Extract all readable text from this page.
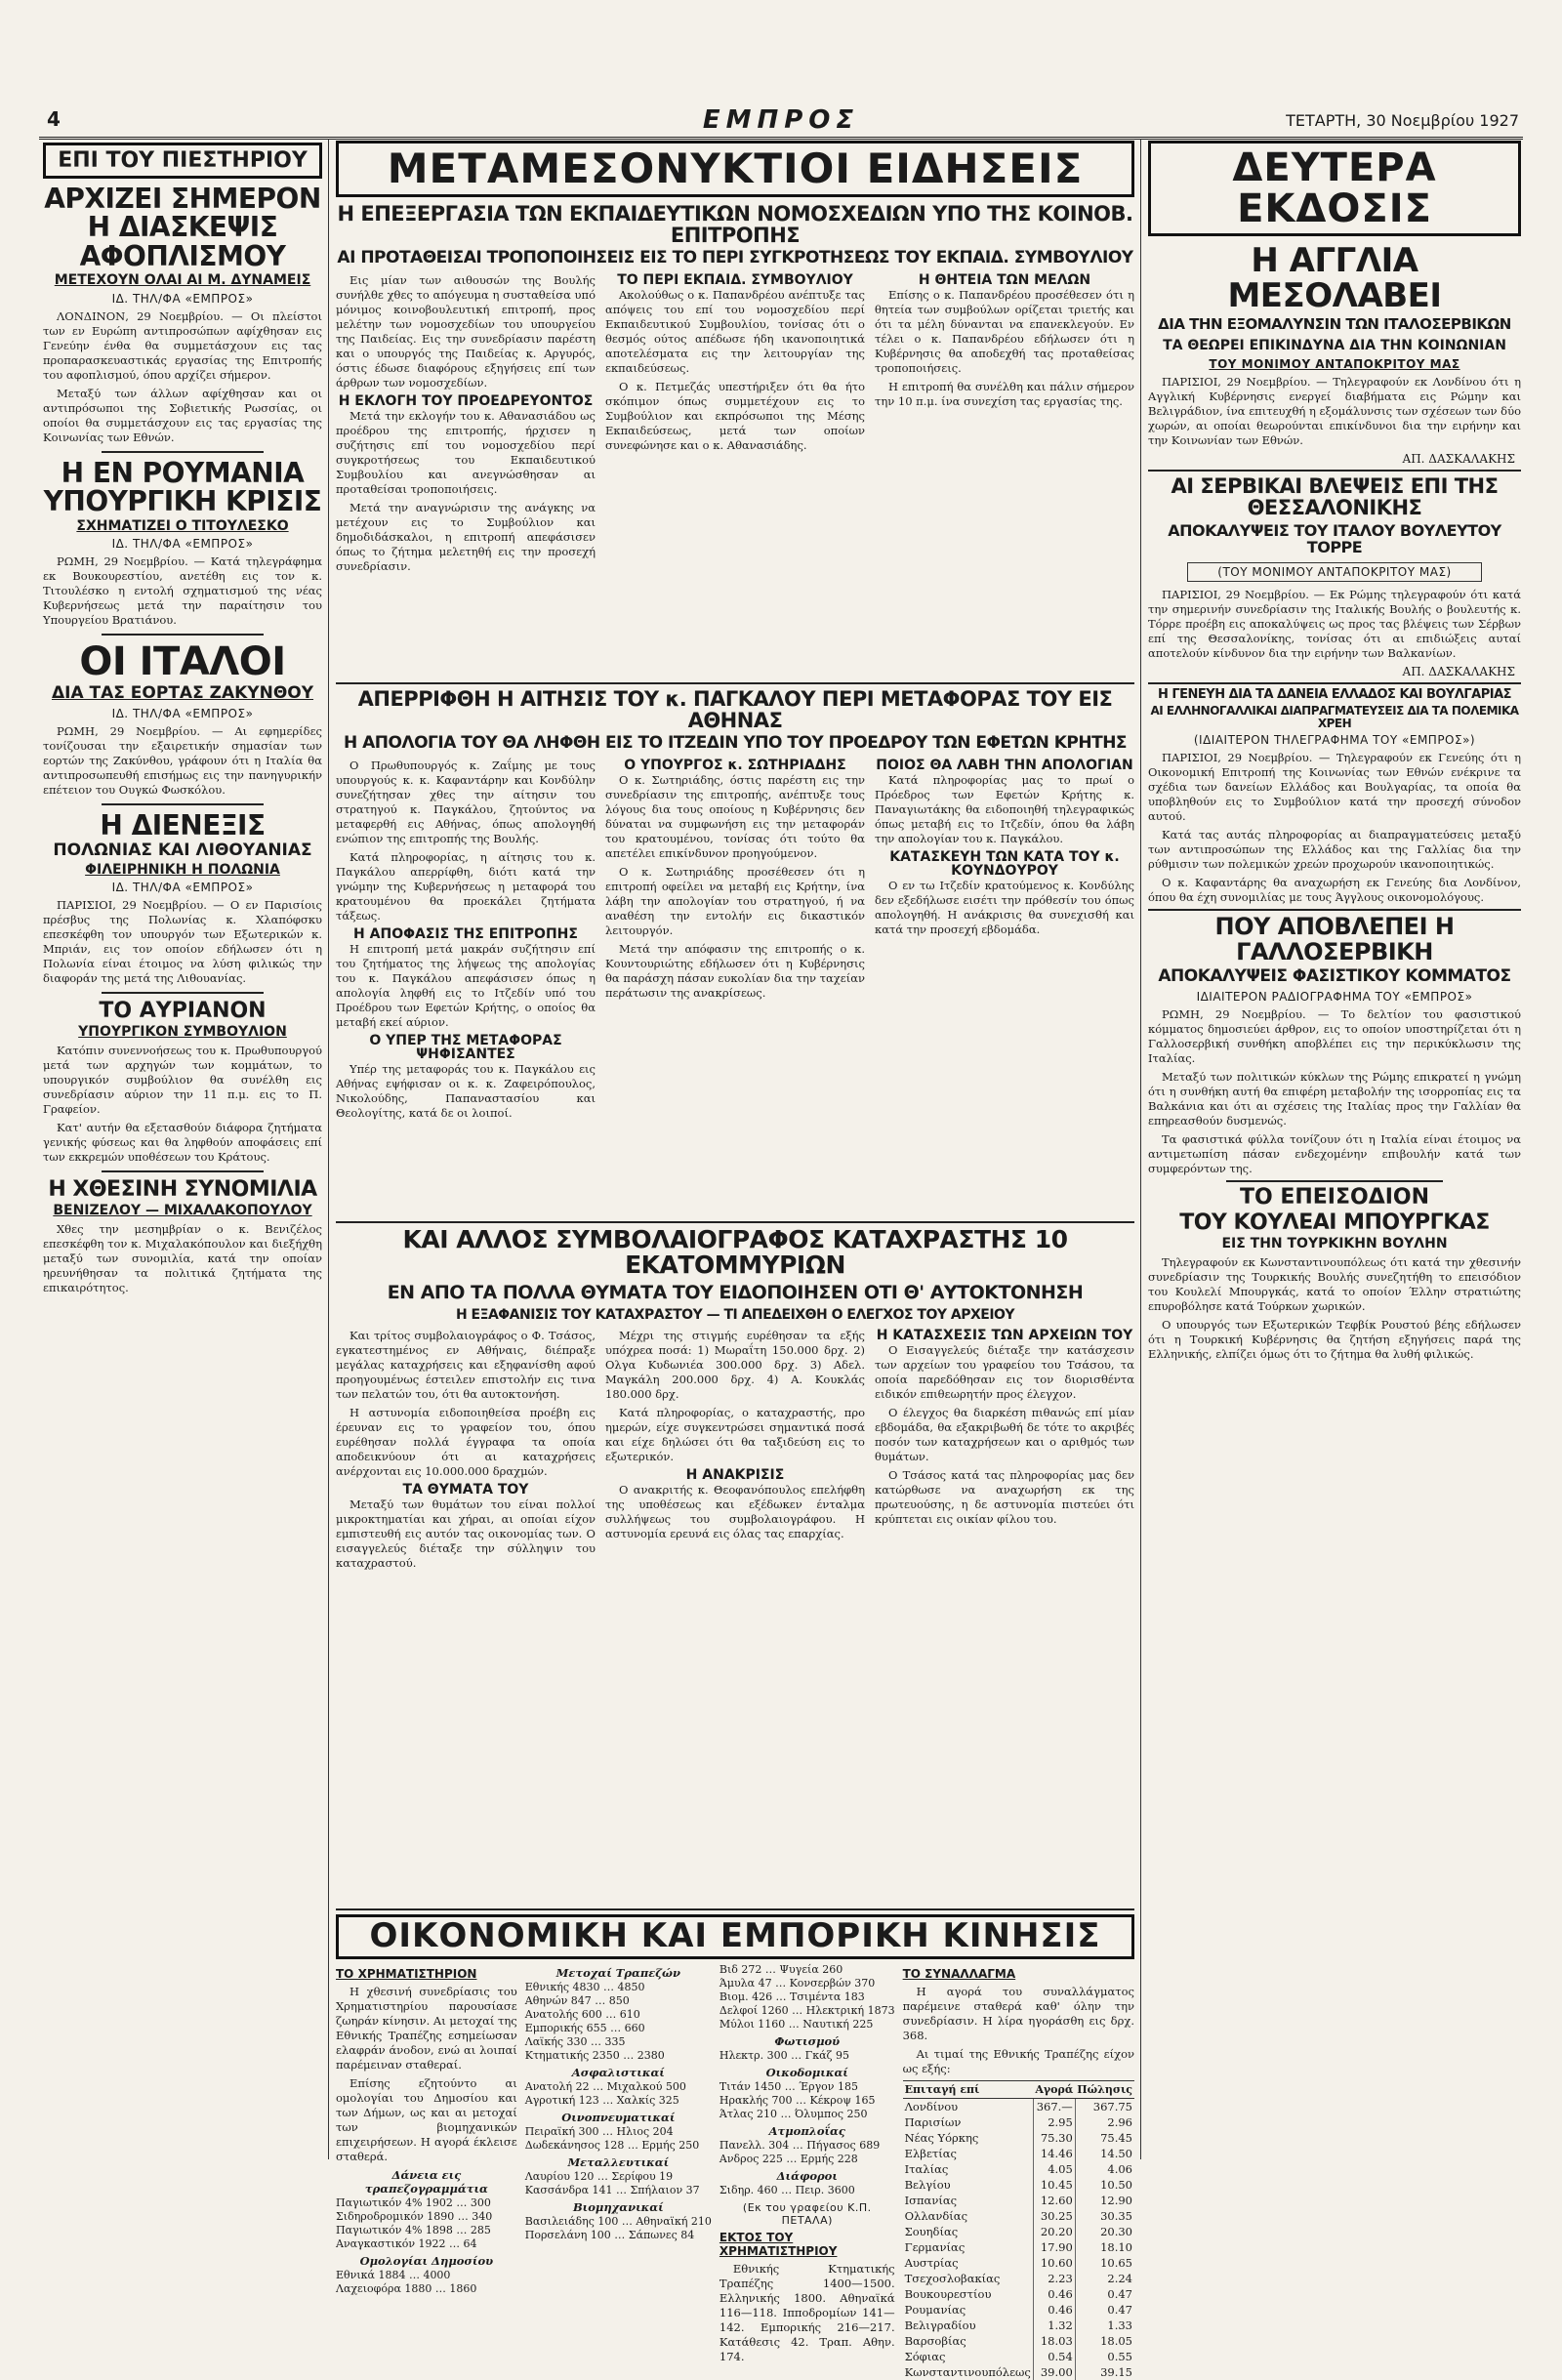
4	ΕΜΠΡΟΣ	ΤΕΤΑΡΤΗ, 30 Νοεμβρίου 1927
ΕΠΙ ΤΟΥ ΠΙΕΣΤΗΡΙΟΥ
ΑΡΧΙΖΕΙ ΣΗΜΕΡΟΝ Η ΔΙΑΣΚΕΨΙΣ ΑΦΟΠΛΙΣΜΟΥ
ΜΕΤΕΧΟΥΝ ΟΛΑΙ ΑΙ Μ. ΔΥΝΑΜΕΙΣ
ΙΔ. ΤΗΛ/ΦΑ «ΕΜΠΡΟΣ»

ΛΟΝΔΙΝΟΝ, 29 Νοεμβρίου. — Οι πλείστοι των εν Ευρώπη αντιπροσώπων αφίχθησαν εις Γενεύην ένθα θα συμμετάσχουν εις τας προπαρασκευαστικάς εργασίας της Επιτροπής του αφοπλισμού, όπου αρχίζει σήμερον.

Μεταξύ των άλλων αφίχθησαν και οι αντιπρόσωποι της Σοβιετικής Ρωσσίας, οι οποίοι θα συμμετάσχουν εις τας εργασίας της Κοινωνίας των Εθνών.

Η ΕΝ ΡΟΥΜΑΝΙΑ ΥΠΟΥΡΓΙΚΗ ΚΡΙΣΙΣ
ΣΧΗΜΑΤΙΖΕΙ Ο ΤΙΤΟΥΛΕΣΚΟ
ΙΔ. ΤΗΛ/ΦΑ «ΕΜΠΡΟΣ»

ΡΩΜΗ, 29 Νοεμβρίου. — Κατά τηλεγράφημα εκ Βουκουρεστίου, ανετέθη εις τον κ. Τιτουλέσκο η εντολή σχηματισμού της νέας Κυβερνήσεως μετά την παραίτησιν του Υπουργείου Βρατιάνου.

ΟΙ ΙΤΑΛΟΙ
ΔΙΑ ΤΑΣ ΕΟΡΤΑΣ ΖΑΚΥΝΘΟΥ
ΙΔ. ΤΗΛ/ΦΑ «ΕΜΠΡΟΣ»

ΡΩΜΗ, 29 Νοεμβρίου. — Αι εφημερίδες τονίζουσαι την εξαιρετικήν σημασίαν των εορτών της Ζακύνθου, γράφουν ότι η Ιταλία θα αντιπροσωπευθή επισήμως εις την πανηγυρικήν επέτειον του Ουγκώ Φωσκόλου.

Η ΔΙΕΝΕΞΙΣ
ΠΟΛΩΝΙΑΣ ΚΑΙ ΛΙΘΟΥΑΝΙΑΣ
ΦΙΛΕΙΡΗΝΙΚΗ Η ΠΟΛΩΝΙΑ
ΙΔ. ΤΗΛ/ΦΑ «ΕΜΠΡΟΣ»

ΠΑΡΙΣΙΟΙ, 29 Νοεμβρίου. — Ο εν Παρισίοις πρέσβυς της Πολωνίας κ. Χλαπόφσκυ επεσκέφθη τον υπουργόν των Εξωτερικών κ. Μπριάν, εις τον οποίον εδήλωσεν ότι η Πολωνία είναι έτοιμος να λύση φιλικώς την διαφοράν της μετά της Λιθουανίας.

ΤΟ ΑΥΡΙΑΝΟΝ
ΥΠΟΥΡΓΙΚΟΝ ΣΥΜΒΟΥΛΙΟΝ

Κατόπιν συνεννοήσεως του κ. Πρωθυπουργού μετά των αρχηγών των κομμάτων, το υπουργικόν συμβούλιον θα συνέλθη εις συνεδρίασιν αύριον την 11 π.μ. εις το Π. Γραφείον.

Κατ' αυτήν θα εξετασθούν διάφορα ζητήματα γενικής φύσεως και θα ληφθούν αποφάσεις επί των εκκρεμών υποθέσεων του Κράτους.

Η ΧΘΕΣΙΝΗ ΣΥΝΟΜΙΛΙΑ
ΒΕΝΙΖΕΛΟΥ — ΜΙΧΑΛΑΚΟΠΟΥΛΟΥ

Χθες την μεσημβρίαν ο κ. Βενιζέλος επεσκέφθη τον κ. Μιχαλακόπουλον και διεξήχθη μεταξύ των συνομιλία, κατά την οποίαν ηρευνήθησαν τα πολιτικά ζητήματα της επικαιρότητος.

ΜΕΤΑΜΕΣΟΝΥΚΤΙΟΙ ΕΙΔΗΣΕΙΣ
Η ΕΠΕΞΕΡΓΑΣΙΑ ΤΩΝ ΕΚΠΑΙΔΕΥΤΙΚΩΝ ΝΟΜΟΣΧΕΔΙΩΝ ΥΠΟ ΤΗΣ ΚΟΙΝΟΒ. ΕΠΙΤΡΟΠΗΣ
ΑΙ ΠΡΟΤΑΘΕΙΣΑΙ ΤΡΟΠΟΠΟΙΗΣΕΙΣ ΕΙΣ ΤΟ ΠΕΡΙ ΣΥΓΚΡΟΤΗΣΕΩΣ ΤΟΥ ΕΚΠΑΙΔ. ΣΥΜΒΟΥΛΙΟΥ

Εις μίαν των αιθουσών της Βουλής συνήλθε χθες το απόγευμα η συσταθείσα υπό μόνιμος κοινοβουλευτική επιτροπή, προς μελέτην των νομοσχεδίων του υπουργείου της Παιδείας. Εις την συνεδρίασιν παρέστη και ο υπουργός της Παιδείας κ. Αργυρός, όστις έδωσε διαφόρους εξηγήσεις επί των άρθρων των νομοσχεδίων.

Η ΕΚΛΟΓΗ ΤΟΥ ΠΡΟΕΔΡΕΥΟΝΤΟΣ

Μετά την εκλογήν του κ. Αθανασιάδου ως προέδρου της επιτροπής, ήρχισεν η συζήτησις επί του νομοσχεδίου περί συγκροτήσεως του Εκπαιδευτικού Συμβουλίου και ανεγνώσθησαν αι προταθείσαι τροποποιήσεις.

Μετά την αναγνώρισιν της ανάγκης να μετέχουν εις το Συμβούλιον και δημοδιδάσκαλοι, η επιτροπή απεφάσισεν όπως το ζήτημα μελετηθή εις την προσεχή συνεδρίασιν.

ΤΟ ΠΕΡΙ ΕΚΠΑΙΔ. ΣΥΜΒΟΥΛΙΟΥ

Ακολούθως ο κ. Παπανδρέου ανέπτυξε τας απόψεις του επί του νομοσχεδίου περί Εκπαιδευτικού Συμβουλίου, τονίσας ότι ο θεσμός ούτος απέδωσε ήδη ικανοποιητικά αποτελέσματα εις την λειτουργίαν της εκπαιδεύσεως.

Ο κ. Πετμεζάς υπεστήριξεν ότι θα ήτο σκόπιμον όπως συμμετέχουν εις το Συμβούλιον και εκπρόσωποι της Μέσης Εκπαιδεύσεως, μετά των οποίων συνεφώνησε και ο κ. Αθανασιάδης.

Η ΘΗΤΕΙΑ ΤΩΝ ΜΕΛΩΝ

Επίσης ο κ. Παπανδρέου προσέθεσεν ότι η θητεία των συμβούλων ορίζεται τριετής και ότι τα μέλη δύνανται να επανεκλεγούν. Εν τέλει ο κ. Παπανδρέου εδήλωσεν ότι η Κυβέρνησις θα αποδεχθή τας προταθείσας τροποποιήσεις.

Η επιτροπή θα συνέλθη και πάλιν σήμερον την 10 π.μ. ίνα συνεχίση τας εργασίας της.

ΑΠΕΡΡΙΦΘΗ Η ΑΙΤΗΣΙΣ ΤΟΥ κ. ΠΑΓΚΑΛΟΥ ΠΕΡΙ ΜΕΤΑΦΟΡΑΣ ΤΟΥ ΕΙΣ ΑΘΗΝΑΣ
Η ΑΠΟΛΟΓΙΑ ΤΟΥ ΘΑ ΛΗΦΘΗ ΕΙΣ ΤΟ ΙΤΖΕΔΙΝ ΥΠΟ ΤΟΥ ΠΡΟΕΔΡΟΥ ΤΩΝ ΕΦΕΤΩΝ ΚΡΗΤΗΣ

Ο Πρωθυπουργός κ. Ζαΐμης με τους υπουργούς κ. κ. Καφαντάρην και Κονδύλην συνεζήτησαν χθες την αίτησιν του στρατηγού κ. Παγκάλου, ζητούντος να μεταφερθή εις Αθήνας, όπως απολογηθή ενώπιον της επιτροπής της Βουλής.

Κατά πληροφορίας, η αίτησις του κ. Παγκάλου απερρίφθη, διότι κατά την γνώμην της Κυβερνήσεως η μεταφορά του κρατουμένου θα προεκάλει ζητήματα τάξεως.

Η ΑΠΟΦΑΣΙΣ ΤΗΣ ΕΠΙΤΡΟΠΗΣ

Η επιτροπή μετά μακράν συζήτησιν επί του ζητήματος της λήψεως της απολογίας του κ. Παγκάλου απεφάσισεν όπως η απολογία ληφθή εις το Ιτζεδίν υπό του Προέδρου των Εφετών Κρήτης, ο οποίος θα μεταβή εκεί αύριον.

Ο ΥΠΕΡ ΤΗΣ ΜΕΤΑΦΟΡΑΣ ΨΗΦΙΣΑΝΤΕΣ

Υπέρ της μεταφοράς του κ. Παγκάλου εις Αθήνας εψήφισαν οι κ. κ. Ζαφειρόπουλος, Νικολούδης, Παπαναστασίου και Θεολογίτης, κατά δε οι λοιποί.

Ο ΥΠΟΥΡΓΟΣ κ. ΣΩΤΗΡΙΑΔΗΣ

Ο κ. Σωτηριάδης, όστις παρέστη εις την συνεδρίασιν της επιτροπής, ανέπτυξε τους λόγους δια τους οποίους η Κυβέρνησις δεν δύναται να συμφωνήση εις την μεταφοράν του κρατουμένου, τονίσας ότι τούτο θα απετέλει επικίνδυνον προηγούμενον.

Ο κ. Σωτηριάδης προσέθεσεν ότι η επιτροπή οφείλει να μεταβή εις Κρήτην, ίνα λάβη την απολογίαν του στρατηγού, ή να αναθέση την εντολήν εις δικαστικόν λειτουργόν.

Μετά την απόφασιν της επιτροπής ο κ. Κουντουριώτης εδήλωσεν ότι η Κυβέρνησις θα παράσχη πάσαν ευκολίαν δια την ταχείαν περάτωσιν της ανακρίσεως.

ΠΟΙΟΣ ΘΑ ΛΑΒΗ ΤΗΝ ΑΠΟΛΟΓΙΑΝ

Κατά πληροφορίας μας το πρωί ο Πρόεδρος των Εφετών Κρήτης κ. Παναγιωτάκης θα ειδοποιηθή τηλεγραφικώς όπως μεταβή εις το Ιτζεδίν, όπου θα λάβη την απολογίαν του κ. Παγκάλου.

ΚΑΤΑΣΚΕΥΗ ΤΩΝ ΚΑΤΑ ΤΟΥ κ. ΚΟΥΝΔΟΥΡΟΥ

Ο εν τω Ιτζεδίν κρατούμενος κ. Κονδύλης δεν εξεδήλωσε εισέτι την πρόθεσίν του όπως απολογηθή. Η ανάκρισις θα συνεχισθή και κατά την προσεχή εβδομάδα.

ΚΑΙ ΑΛΛΟΣ ΣΥΜΒΟΛΑΙΟΓΡΑΦΟΣ ΚΑΤΑΧΡΑΣΤΗΣ 10 ΕΚΑΤΟΜΜΥΡΙΩΝ
ΕΝ ΑΠΟ ΤΑ ΠΟΛΛΑ ΘΥΜΑΤΑ ΤΟΥ ΕΙΔΟΠΟΙΗΣΕΝ ΟΤΙ Θ' ΑΥΤΟΚΤΟΝΗΣΗ
Η ΕΞΑΦΑΝΙΣΙΣ ΤΟΥ ΚΑΤΑΧΡΑΣΤΟΥ — ΤΙ ΑΠΕΔΕΙΧΘΗ Ο ΕΛΕΓΧΟΣ ΤΟΥ ΑΡΧΕΙΟΥ

Και τρίτος συμβολαιογράφος ο Φ. Τσάσος, εγκατεστημένος εν Αθήναις, διέπραξε μεγάλας καταχρήσεις και εξηφανίσθη αφού προηγουμένως έστειλεν επιστολήν εις τινα των πελατών του, ότι θα αυτοκτονήση.

Η αστυνομία ειδοποιηθείσα προέβη εις έρευναν εις το γραφείον του, όπου ευρέθησαν πολλά έγγραφα τα οποία αποδεικνύουν ότι αι καταχρήσεις ανέρχονται εις 10.000.000 δραχμών.

ΤΑ ΘΥΜΑΤΑ ΤΟΥ

Μεταξύ των θυμάτων του είναι πολλοί μικροκτηματίαι και χήραι, αι οποίαι είχον εμπιστευθή εις αυτόν τας οικονομίας των. Ο εισαγγελεύς διέταξε την σύλληψιν του καταχραστού.

Μέχρι της στιγμής ευρέθησαν τα εξής υπόχρεα ποσά: 1) Μωραΐτη 150.000 δρχ. 2) Ολγα Κυδωνιέα 300.000 δρχ. 3) Αδελ. Μαγκάλη 200.000 δρχ. 4) Α. Κουκλάς 180.000 δρχ.

Κατά πληροφορίας, ο καταχραστής, προ ημερών, είχε συγκεντρώσει σημαντικά ποσά και είχε δηλώσει ότι θα ταξιδεύση εις το εξωτερικόν.

Η ΑΝΑΚΡΙΣΙΣ

Ο ανακριτής κ. Θεοφανόπουλος επελήφθη της υποθέσεως και εξέδωκεν ένταλμα συλλήψεως του συμβολαιογράφου. Η αστυνομία ερευνά εις όλας τας επαρχίας.

Η ΚΑΤΑΣΧΕΣΙΣ ΤΩΝ ΑΡΧΕΙΩΝ ΤΟΥ

Ο Εισαγγελεύς διέταξε την κατάσχεσιν των αρχείων του γραφείου του Τσάσου, τα οποία παρεδόθησαν εις τον διορισθέντα ειδικόν επιθεωρητήν προς έλεγχον.

Ο έλεγχος θα διαρκέση πιθανώς επί μίαν εβδομάδα, θα εξακριβωθή δε τότε το ακριβές ποσόν των καταχρήσεων και ο αριθμός των θυμάτων.

Ο Τσάσος κατά τας πληροφορίας μας δεν κατώρθωσε να αναχωρήση εκ της πρωτευούσης, η δε αστυνομία πιστεύει ότι κρύπτεται εις οικίαν φίλου του.

ΟΙΚΟΝΟΜΙΚΗ ΚΑΙ ΕΜΠΟΡΙΚΗ ΚΙΝΗΣΙΣ
ΤΟ ΧΡΗΜΑΤΙΣΤΗΡΙΟΝ

Η χθεσινή συνεδρίασις του Χρηματιστηρίου παρουσίασε ζωηράν κίνησιν. Αι μετοχαί της Εθνικής Τραπέζης εσημείωσαν ελαφράν άνοδον, ενώ αι λοιπαί παρέμειναν σταθεραί.

Επίσης εζητούντο αι ομολογίαι του Δημοσίου και των Δήμων, ως και αι μετοχαί των βιομηχανικών επιχειρήσεων. Η αγορά έκλεισε σταθερά.

Δάνεια εις τραπεζογραμμάτια

Παγιωτικόν 4% 1902 … 300

Σιδηροδρομικόν 1890 … 340

Παγιωτικόν 4% 1898 … 285

Αναγκαστικόν 1922 … 64

Ομολογίαι Δημοσίου

Εθνικά 1884 … 4000

Λαχειοφόρα 1880 … 1860

Μετοχαί Τραπεζών

Εθνικής 4830 … 4850

Αθηνών 847 … 850

Ανατολής 600 … 610

Εμπορικής 655 … 660

Λαϊκής 330 … 335

Κτηματικής 2350 … 2380

Ασφαλιστικαί

Ανατολή 22 … Μιχαλκού 500

Αγροτική 123 … Χαλκίς 325

Οινοπνευματικαί

Πειραϊκή 300 … Ηλιος 204

Δωδεκάνησος 128 … Ερμής 250

Μεταλλευτικαί

Λαυρίου 120 … Σερίφου 19

Κασσάνδρα 141 … Σπήλαιον 37

Βιομηχανικαί

Βασιλειάδης 100 … Αθηναϊκή 210

Πορσελάνη 100 … Σάπωνες 84

Βιδ 272 … Ψυγεία 260

Άμυλα 47 … Κονσερβών 370

Βιομ. 426 … Τσιμέντα 183

Δελφοί 1260 … Ηλεκτρική 1873

Μύλοι 1160 … Ναυτική 225

Φωτισμού

Ηλεκτρ. 300 … Γκάζ 95

Οικοδομικαί

Τιτάν 1450 … Έργον 185

Ηρακλής 700 … Κέκροψ 165

Άτλας 210 … Όλυμπος 250

Ατμοπλοΐας

Πανελλ. 304 … Πήγασος 689

Ανδρος 225 … Ερμής 228

Διάφοροι

Σιδηρ. 460 … Πειρ. 3600

(Εκ του γραφείου Κ.Π. ΠΕΤΑΛΑ)
ΕΚΤΟΣ ΤΟΥ ΧΡΗΜΑΤΙΣΤΗΡΙΟΥ

Εθνικής Κτηματικής Τραπέζης 1400—1500. Ελληνικής 1800. Αθηναϊκά 116—118. Ιπποδρομίων 141—142. Εμπορικής 216—217. Κατάθεσις 42. Τραπ. Αθην. 174.

ΤΟ ΣΥΝΑΛΛΑΓΜΑ

Η αγορά του συναλλάγματος παρέμεινε σταθερά καθ' όλην την συνεδρίασιν. Η λίρα ηγοράσθη εις δρχ. 368.

Αι τιμαί της Εθνικής Τραπέζης είχον ως εξής:

Επιταγή επί	Αγορά	Πώλησις
Λονδίνου	367.—	367.75
Παρισίων	2.95	2.96
Νέας Υόρκης	75.30	75.45
Ελβετίας	14.46	14.50
Ιταλίας	4.05	4.06
Βελγίου	10.45	10.50
Ισπανίας	12.60	12.90
Ολλανδίας	30.25	30.35
Σουηδίας	20.20	20.30
Γερμανίας	17.90	18.10
Αυστρίας	10.60	10.65
Τσεχοσλοβακίας	2.23	2.24
Βουκουρεστίου	0.46	0.47
Ρουμανίας	0.46	0.47
Βελιγραδίου	1.32	1.33
Βαρσοβίας	18.03	18.05
Σόφιας	0.54	0.55
Κωνσταντινουπόλεως	39.00	39.15
ΔΕΥΤΕΡΑ ΕΚΔΟΣΙΣ
Η ΑΓΓΛΙΑ ΜΕΣΟΛΑΒΕΙ
ΔΙΑ ΤΗΝ ΕΞΟΜΑΛΥΝΣΙΝ ΤΩΝ ΙΤΑΛΟΣΕΡΒΙΚΩΝ
ΤΑ ΘΕΩΡΕΙ ΕΠΙΚΙΝΔΥΝΑ ΔΙΑ ΤΗΝ ΚΟΙΝΩΝΙΑΝ
ΤΟΥ ΜΟΝΙΜΟΥ ΑΝΤΑΠΟΚΡΙΤΟΥ ΜΑΣ

ΠΑΡΙΣΙΟΙ, 29 Νοεμβρίου. — Τηλεγραφούν εκ Λονδίνου ότι η Αγγλική Κυβέρνησις ενεργεί διαβήματα εις Ρώμην και Βελιγράδιον, ίνα επιτευχθή η εξομάλυνσις των σχέσεων των δύο χωρών, αι οποίαι θεωρούνται επικίνδυνοι δια την ειρήνην και την Κοινωνίαν των Εθνών.

ΑΠ. ΔΑΣΚΑΛΑΚΗΣ
ΑΙ ΣΕΡΒΙΚΑΙ ΒΛΕΨΕΙΣ ΕΠΙ ΤΗΣ ΘΕΣΣΑΛΟΝΙΚΗΣ
ΑΠΟΚΑΛΥΨΕΙΣ ΤΟΥ ΙΤΑΛΟΥ ΒΟΥΛΕΥΤΟΥ ΤΟΡΡΕ
(ΤΟΥ ΜΟΝΙΜΟΥ ΑΝΤΑΠΟΚΡΙΤΟΥ ΜΑΣ)

ΠΑΡΙΣΙΟΙ, 29 Νοεμβρίου. — Εκ Ρώμης τηλεγραφούν ότι κατά την σημερινήν συνεδρίασιν της Ιταλικής Βουλής ο βουλευτής κ. Τόρρε προέβη εις αποκαλύψεις ως προς τας βλέψεις των Σέρβων επί της Θεσσαλονίκης, τονίσας ότι αι επιδιώξεις αυταί αποτελούν κίνδυνον δια την ειρήνην των Βαλκανίων.

ΑΠ. ΔΑΣΚΑΛΑΚΗΣ
Η ΓΕΝΕΥΗ ΔΙΑ ΤΑ ΔΑΝΕΙΑ ΕΛΛΑΔΟΣ ΚΑΙ ΒΟΥΛΓΑΡΙΑΣ
ΑΙ ΕΛΛΗΝΟΓΑΛΛΙΚΑΙ ΔΙΑΠΡΑΓΜΑΤΕΥΣΕΙΣ ΔΙΑ ΤΑ ΠΟΛΕΜΙΚΑ ΧΡΕΗ
(ΙΔΙΑΙΤΕΡΟΝ ΤΗΛΕΓΡΑΦΗΜΑ ΤΟΥ «ΕΜΠΡΟΣ»)

ΠΑΡΙΣΙΟΙ, 29 Νοεμβρίου. — Τηλεγραφούν εκ Γενεύης ότι η Οικονομική Επιτροπή της Κοινωνίας των Εθνών ενέκρινε τα σχέδια των δανείων Ελλάδος και Βουλγαρίας, τα οποία θα υποβληθούν εις το Συμβούλιον κατά την προσεχή σύνοδον αυτού.

Κατά τας αυτάς πληροφορίας αι διαπραγματεύσεις μεταξύ των αντιπροσώπων της Ελλάδος και της Γαλλίας δια την ρύθμισιν των πολεμικών χρεών προχωρούν ικανοποιητικώς.

Ο κ. Καφαντάρης θα αναχωρήση εκ Γενεύης δια Λονδίνον, όπου θα έχη συνομιλίας με τους Άγγλους οικονομολόγους.

ΠΟΥ ΑΠΟΒΛΕΠΕΙ Η ΓΑΛΛΟΣΕΡΒΙΚΗ
ΑΠΟΚΑΛΥΨΕΙΣ ΦΑΣΙΣΤΙΚΟΥ ΚΟΜΜΑΤΟΣ
ΙΔΙΑΙΤΕΡΟΝ ΡΑΔΙΟΓΡΑΦΗΜΑ ΤΟΥ «ΕΜΠΡΟΣ»

ΡΩΜΗ, 29 Νοεμβρίου. — Το δελτίον του φασιστικού κόμματος δημοσιεύει άρθρον, εις το οποίον υποστηρίζεται ότι η Γαλλοσερβική συνθήκη αποβλέπει εις την περικύκλωσιν της Ιταλίας.

Μεταξύ των πολιτικών κύκλων της Ρώμης επικρατεί η γνώμη ότι η συνθήκη αυτή θα επιφέρη μεταβολήν της ισορροπίας εις τα Βαλκάνια και ότι αι σχέσεις της Ιταλίας προς την Γαλλίαν θα επηρεασθούν δυσμενώς.

Τα φασιστικά φύλλα τονίζουν ότι η Ιταλία είναι έτοιμος να αντιμετωπίση πάσαν ενδεχομένην επιβουλήν κατά των συμφερόντων της.

ΤΟ ΕΠΕΙΣΟΔΙΟΝ
ΤΟΥ ΚΟΥΛΕΑΙ ΜΠΟΥΡΓΚΑΣ
ΕΙΣ ΤΗΝ ΤΟΥΡΚΙΚΗΝ ΒΟΥΛΗΝ

Τηλεγραφούν εκ Κωνσταντινουπόλεως ότι κατά την χθεσινήν συνεδρίασιν της Τουρκικής Βουλής συνεζητήθη το επεισόδιον του Κουλελί Μπουργκάς, κατά το οποίον Έλλην στρατιώτης επυροβόλησε κατά Τούρκων χωρικών.

Ο υπουργός των Εξωτερικών Τεφβίκ Ρουστού βέης εδήλωσεν ότι η Τουρκική Κυβέρνησις θα ζητήση εξηγήσεις παρά της Ελληνικής, ελπίζει όμως ότι το ζήτημα θα λυθή φιλικώς.
